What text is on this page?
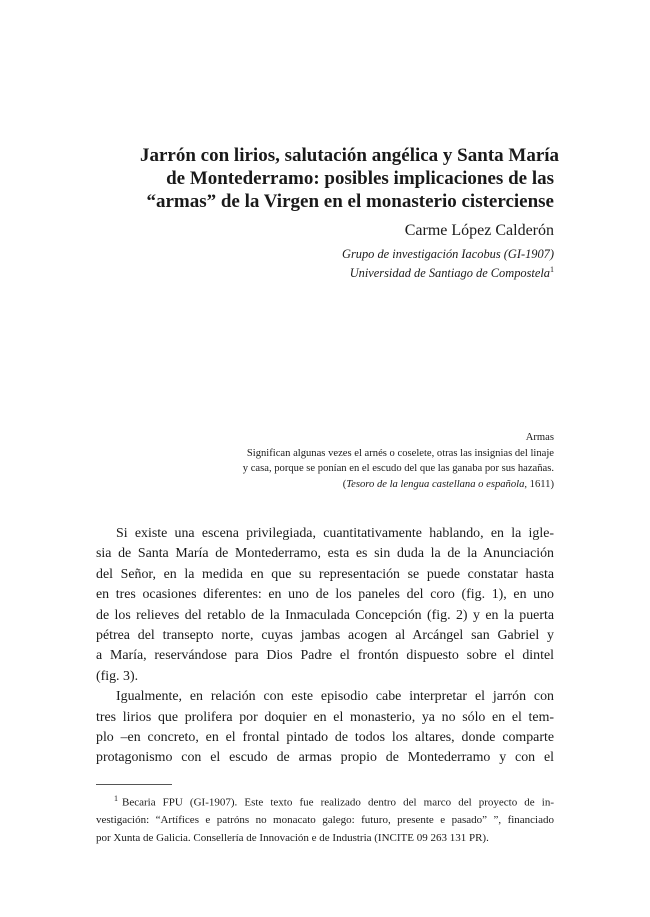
Jarrón con lirios, salutación angélica y Santa María
de Montederramo: posibles implicaciones de las
“armas” de la Virgen en el monasterio cisterciense
Carme López Calderón
Grupo de investigación Iacobus (GI-1907)
Universidad de Santiago de Compostela$^1$
Armas
Significan algunas vezes el arnés o coselete, otras las insignias del linaje
y casa, porque se ponían en el escudo del que las ganaba por sus hazañas.
(Tesoro de la lengua castellana o española, 1611)
Si existe una escena privilegiada, cuantitativamente hablando, en la igle-
sia de Santa María de Montederramo, esta es sin duda la de la Anunciación
del Señor, en la medida en que su representación se puede constatar hasta
en tres ocasiones diferentes: en uno de los paneles del coro (fig. 1), en uno
de los relieves del retablo de la Inmaculada Concepción (fig. 2) y en la puerta
pétrea del transepto norte, cuyas jambas acogen al Arcángel san Gabriel y
a María, reservándose para Dios Padre el frontón dispuesto sobre el dintel
(fig. 3).
Igualmente, en relación con este episodio cabe interpretar el jarrón con
tres lirios que prolifera por doquier en el monasterio, ya no sólo en el tem-
plo –en concreto, en el frontal pintado de todos los altares, donde comparte
protagonismo con el escudo de armas propio de Montederramo y con el
$^1$ Becaria FPU (GI-1907). Este texto fue realizado dentro del marco del proyecto de in-
vestigación: “Artífices e patróns no monacato galego: futuro, presente e pasado” ”, financiado
por Xunta de Galicia. Consellería de Innovación e de Industria (INCITE 09 263 131 PR).
